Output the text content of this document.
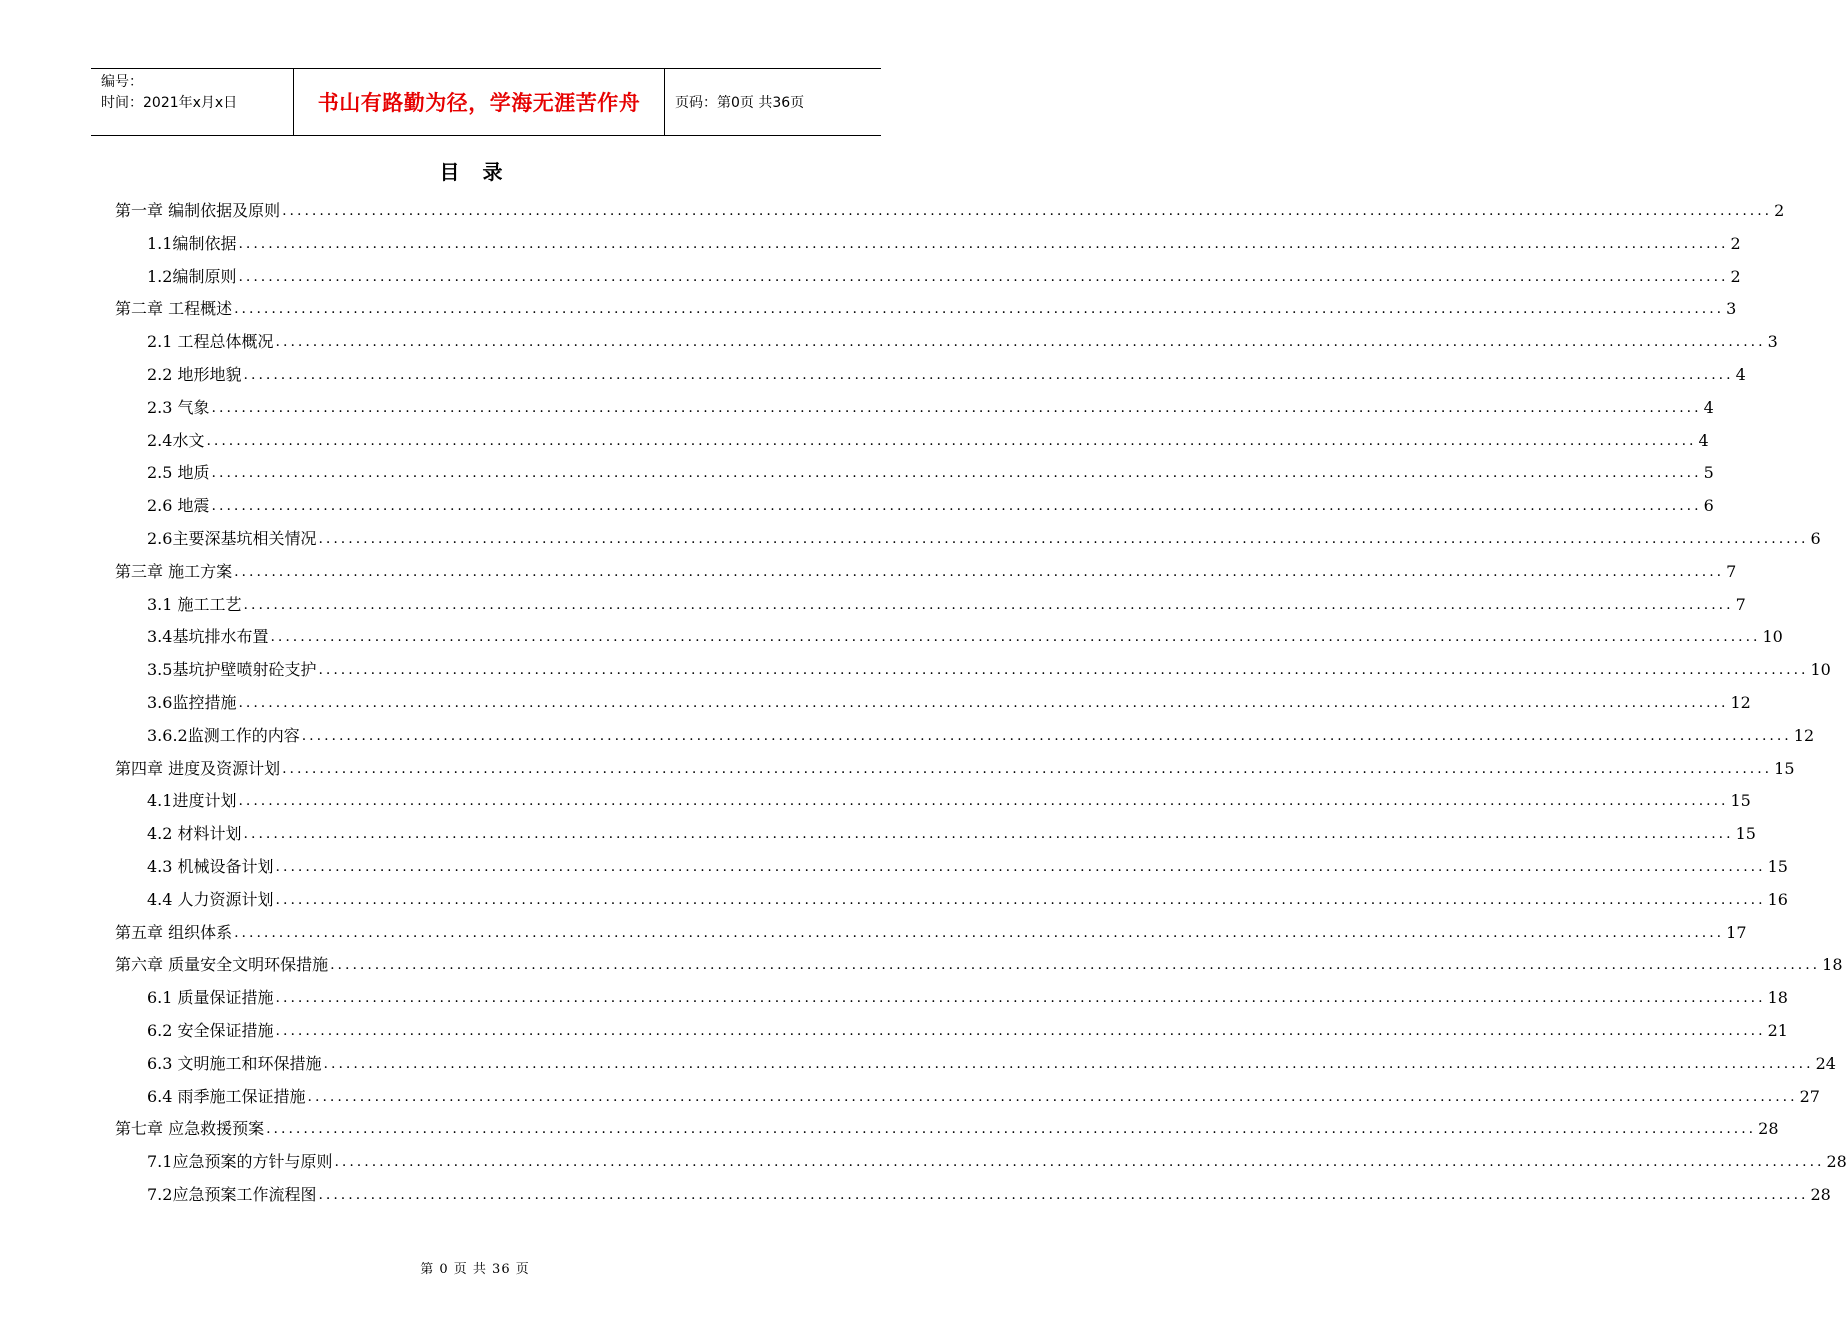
编号：
时间：2021年x月x日	书山有路勤为径，学海无涯苦作舟	页码：第0页 共36页
目 录
第一章 编制依据及原则 ........................................................................................................................................................................................................ 2
1.1编制依据 ........................................................................................................................................................................................................ 2
1.2编制原则 ........................................................................................................................................................................................................ 2
第二章 工程概述 ........................................................................................................................................................................................................ 3
2.1 工程总体概况 ........................................................................................................................................................................................................ 3
2.2 地形地貌 ........................................................................................................................................................................................................ 4
2.3 气象 ........................................................................................................................................................................................................ 4
2.4水文 ........................................................................................................................................................................................................ 4
2.5 地质 ........................................................................................................................................................................................................ 5
2.6 地震 ........................................................................................................................................................................................................ 6
2.6主要深基坑相关情况 ........................................................................................................................................................................................................ 6
第三章 施工方案 ........................................................................................................................................................................................................ 7
3.1 施工工艺 ........................................................................................................................................................................................................ 7
3.4基坑排水布置 ........................................................................................................................................................................................................ 10
3.5基坑护壁喷射砼支护 ........................................................................................................................................................................................................ 10
3.6监控措施 ........................................................................................................................................................................................................ 12
3.6.2监测工作的内容 ........................................................................................................................................................................................................ 12
第四章 进度及资源计划 ........................................................................................................................................................................................................ 15
4.1进度计划 ........................................................................................................................................................................................................ 15
4.2 材料计划 ........................................................................................................................................................................................................ 15
4.3 机械设备计划 ........................................................................................................................................................................................................ 15
4.4 人力资源计划 ........................................................................................................................................................................................................ 16
第五章 组织体系 ........................................................................................................................................................................................................ 17
第六章 质量安全文明环保措施 ........................................................................................................................................................................................................ 18
6.1 质量保证措施 ........................................................................................................................................................................................................ 18
6.2 安全保证措施 ........................................................................................................................................................................................................ 21
6.3 文明施工和环保措施 ........................................................................................................................................................................................................ 24
6.4 雨季施工保证措施 ........................................................................................................................................................................................................ 27
第七章 应急救援预案 ........................................................................................................................................................................................................ 28
7.1应急预案的方针与原则 ........................................................................................................................................................................................................ 28
7.2应急预案工作流程图 ........................................................................................................................................................................................................ 28
第 0 页 共 36 页
